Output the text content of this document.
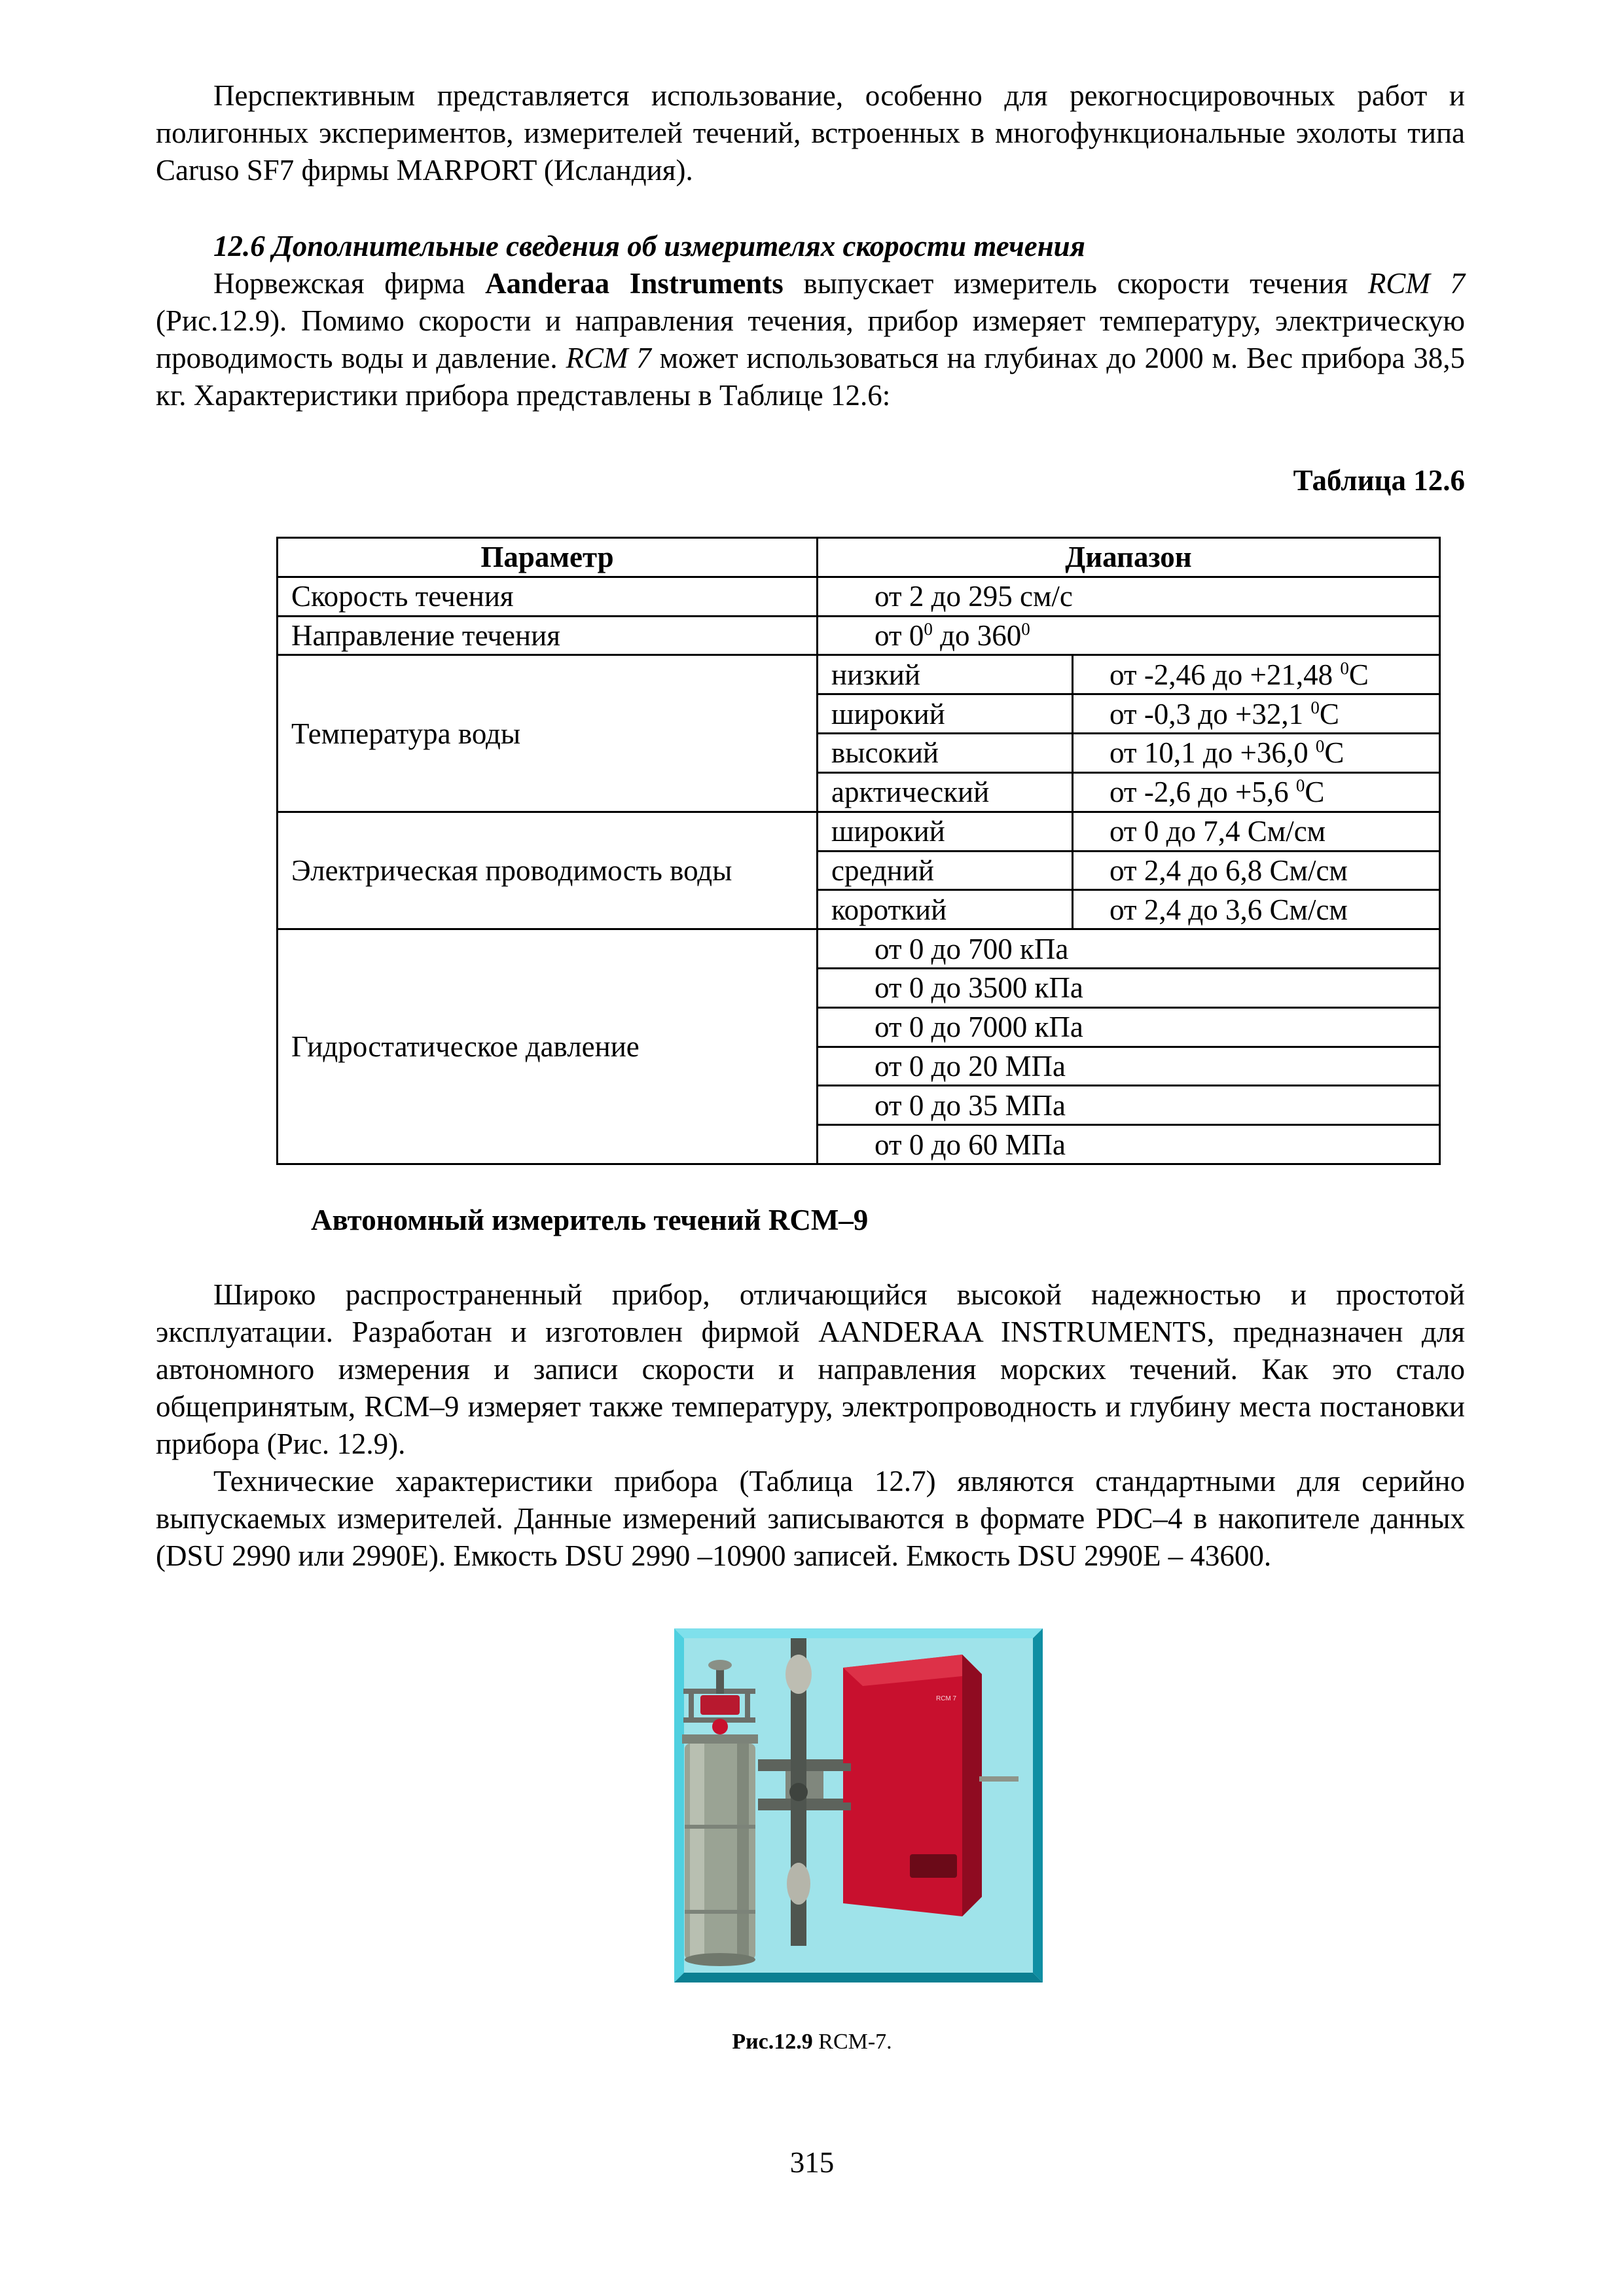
Перспективным представляется использование, особенно для рекогносцировочных работ и полигонных экспериментов, измерителей течений, встроенных в многофункциональные эхолоты типа Caruso SF7 фирмы MARPORT (Исландия).

12.6 Дополнительные сведения об измерителях скорости течения

Норвежская фирма Aanderaa Instruments выпускает измеритель скорости течения RCM 7 (Рис.12.9). Помимо скорости и направления течения, прибор измеряет температуру, электрическую проводимость воды и давление. RCM 7 может использоваться на глубинах до 2000 м. Вес прибора 38,5 кг. Характеристики прибора представлены в Таблице 12.6:

Таблица 12.6

Параметр	Диапазон	
Скорость течения	от 2 до 295 см/с	
Направление течения	от $0^0$ до $360^0$
Температура воды	низкий	от -2,46 до +21,48 $^0$C
	широкий	от -0,3 до +32,1 $^0$C
	высокий	от 10,1 до +36,0 $^0$C
	арктический	от -2,6 до +5,6 $^0$C
Электрическая проводимость воды	широкий	от 0 до 7,4 См/см
	средний	от 2,4 до 6,8 См/см
	короткий	от 2,4 до 3,6 См/см
Гидростатическое давление	от 0 до 700 кПа	
	от 0 до 3500 кПа	
	от 0 до 7000 кПа	
	от 0 до 20 МПа	
	от 0 до 35 МПа	
	от 0 до 60 МПа	

Автономный измеритель течений RCM–9

Широко распространенный прибор, отличающийся высокой надежностью и простотой эксплуатации. Разработан и изготовлен фирмой AANDERAA INSTRUMENTS, предназначен для автономного измерения и записи скорости и направления морских течений. Как это стало общепринятым, RCM–9 измеряет также температуру, электропроводность и глубину места постановки прибора (Рис. 12.9).

Технические характеристики прибора (Таблица 12.7) являются стандартными для серийно выпускаемых измерителей. Данные измерений записываются в формате PDC–4 в накопителе данных (DSU 2990 или 2990E). Емкость DSU 2990 –10900 записей. Емкость DSU 2990E – 43600.

RCM 7

Рис.12.9 RCM-7.

315
